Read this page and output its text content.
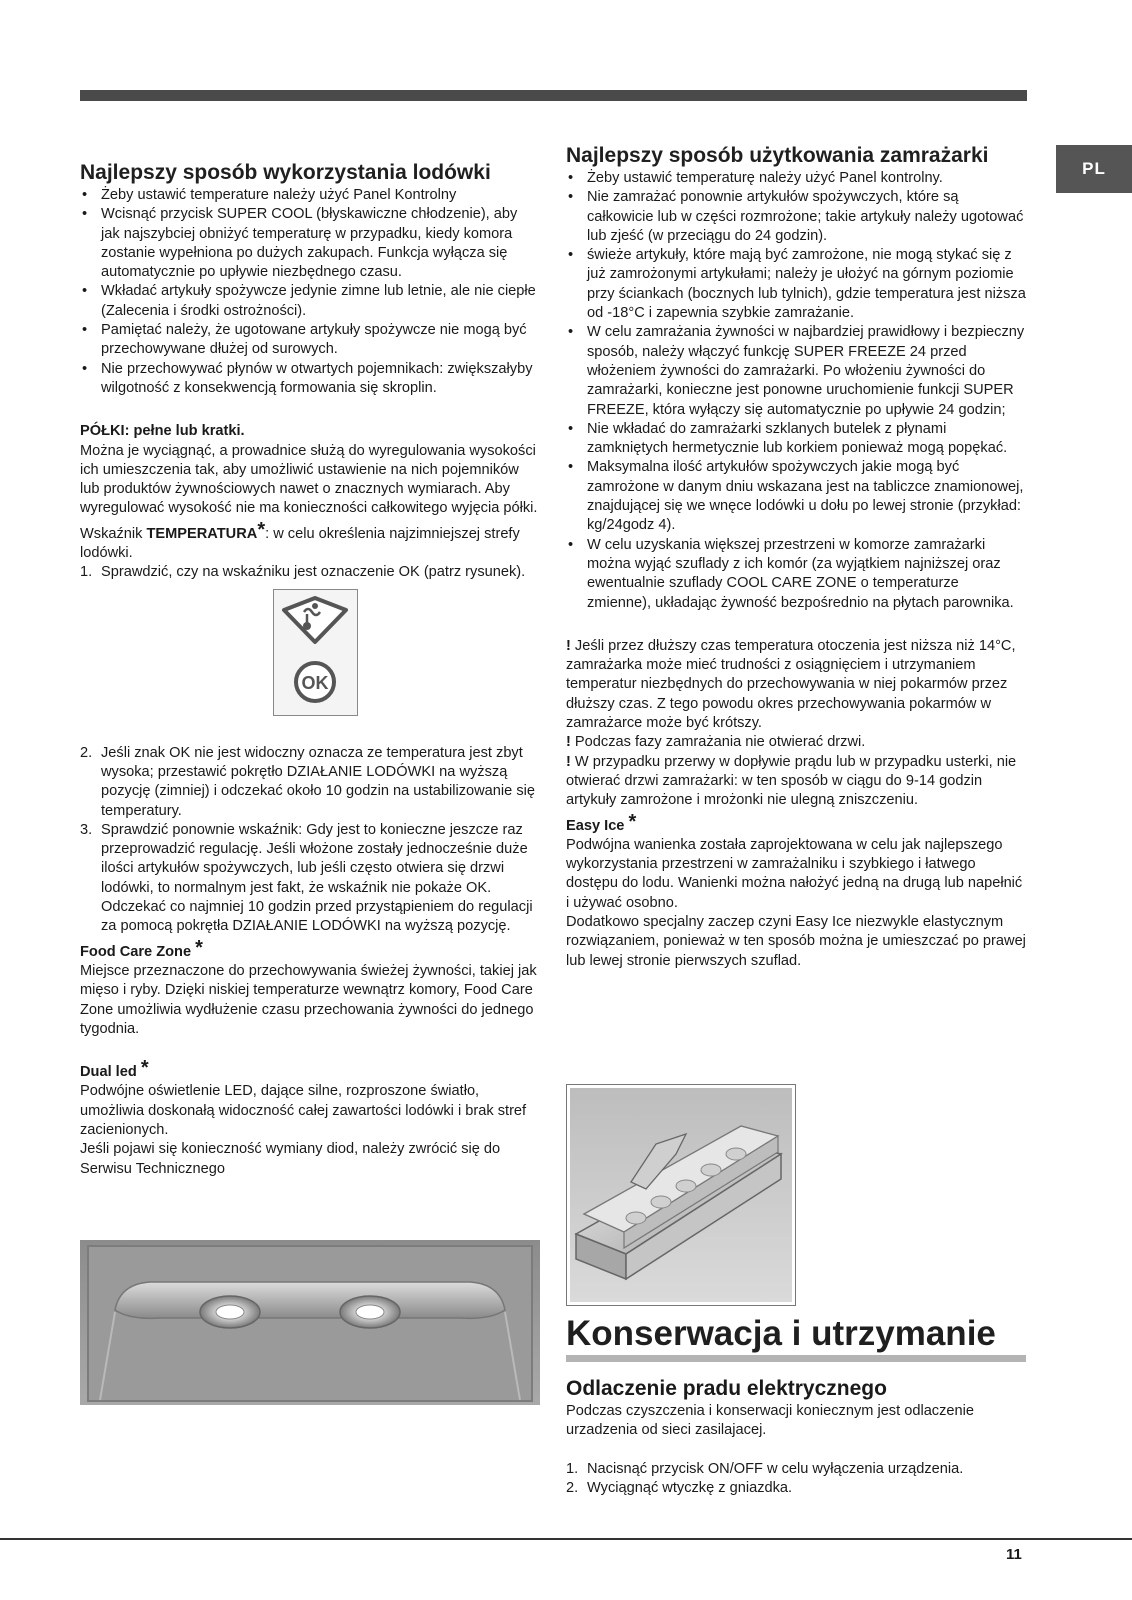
PL
Najlepszy sposób wykorzystania lodówki
• Żeby ustawić temperature należy użyć Panel Kontrolny
• Wcisnąć przycisk SUPER COOL (błyskawiczne chłodzenie), aby jak najszybciej obniżyć temperaturę w przypadku, kiedy komora zostanie wypełniona po dużych zakupach. Funkcja wyłącza się automatycznie po upływie niezbędnego czasu.
• Wkładać artykuły spożywcze jedynie zimne lub letnie, ale nie ciepłe (Zalecenia i środki ostrożności).
• Pamiętać należy, że ugotowane artykuły spożywcze nie mogą być przechowywane dłużej od surowych.
• Nie przechowywać płynów w otwartych pojemnikach: zwiększałyby wilgotność z konsekwencją formowania się skroplin.

PÓŁKI: pełne lub kratki.

Można je wyciągnąć, a prowadnice służą do wyregulowania wysokości ich umieszczenia tak, aby umożliwić ustawienie na nich pojemników lub produktów żywnościowych nawet o znacznych wymiarach. Aby wyregulować wysokość nie ma konieczności całkowitego wyjęcia półki.

Wskaźnik TEMPERATURA*: w celu określenia najzimniejszej strefy lodówki.

1. Sprawdzić, czy na wskaźniku jest oznaczenie OK (patrz rysunek).
OK
2. Jeśli znak OK nie jest widoczny oznacza ze temperatura jest zbyt wysoka; przestawić pokrętło DZIAŁANIE LODÓWKI na wyższą pozycję (zimniej) i odczekać około 10 godzin na ustabilizowanie się temperatury.
3. Sprawdzić ponownie wskaźnik: Gdy jest to konieczne jeszcze raz przeprowadzić regulację. Jeśli włożone zostały jednocześnie duże ilości artykułów spożywczych, lub jeśli często otwiera się drzwi lodówki, to normalnym jest fakt, że wskaźnik nie pokaże OK. Odczekać co najmniej 10 godzin przed przystąpieniem do regulacji za pomocą pokrętła DZIAŁANIE LODÓWKI na wyższą pozycję.

Food Care Zone *

Miejsce przeznaczone do przechowywania świeżej żywności, takiej jak mięso i ryby. Dzięki niskiej temperaturze wewnątrz komory, Food Care Zone umożliwia wydłużenie czasu przechowania żywności do jednego tygodnia.

Dual led *

Podwójne oświetlenie LED, dające silne, rozproszone światło, umożliwia doskonałą widoczność całej zawartości lodówki i brak stref zacienionych.

Jeśli pojawi się konieczność wymiany diod, należy zwrócić się do Serwisu Technicznego

Najlepszy sposób użytkowania zamrażarki
• Żeby ustawić temperaturę należy użyć Panel kontrolny.
• Nie zamrażać ponownie artykułów spożywczych, które są całkowicie lub w części rozmrożone; takie artykuły należy ugotować lub zjeść (w przeciągu do 24 godzin).
• świeże artykuły, które mają być zamrożone, nie mogą stykać się z już zamrożonymi artykułami; należy je ułożyć na górnym poziomie przy ściankach (bocznych lub tylnich), gdzie temperatura jest niższa od -18°C i zapewnia szybkie zamrażanie.
• W celu zamrażania żywności w najbardziej prawidłowy i bezpieczny sposób, należy włączyć funkcję SUPER FREEZE 24 przed włożeniem żywności do zamrażarki. Po włożeniu żywności do zamrażarki, konieczne jest ponowne uruchomienie funkcji SUPER FREEZE, która wyłączy się automatycznie po upływie 24 godzin;
• Nie wkładać do zamrażarki szklanych butelek z płynami zamkniętych hermetycznie lub korkiem ponieważ mogą popękać.
• Maksymalna ilość artykułów spożywczych jakie mogą być zamrożone w danym dniu wskazana jest na tabliczce znamionowej, znajdującej się we wnęce lodówki u dołu po lewej stronie (przykład: kg/24godz 4).
• W celu uzyskania większej przestrzeni w komorze zamrażarki można wyjąć szuflady z ich komór (za wyjątkiem najniższej oraz ewentualnie szuflady COOL CARE ZONE o temperaturze zmienne), układając żywność bezpośrednio na płytach parownika.

! Jeśli przez dłuższy czas temperatura otoczenia jest niższa niż 14°C, zamrażarka może mieć trudności z osiągnięciem i utrzymaniem temperatur niezbędnych do przechowywania w niej pokarmów przez dłuższy czas. Z tego powodu okres przechowywania pokarmów w zamrażarce może być krótszy.

! Podczas fazy zamrażania nie otwierać drzwi.

! W przypadku przerwy w dopływie prądu lub w przypadku usterki, nie otwierać drzwi zamrażarki: w ten sposób w ciągu do 9-14 godzin artykuły zamrożone i mrożonki nie ulegną zniszczeniu.

Easy Ice *

Podwójna wanienka została zaprojektowana w celu jak najlepszego wykorzystania przestrzeni w zamrażalniku i szybkiego i łatwego dostępu do lodu. Wanienki można nałożyć jedną na drugą lub napełnić i używać osobno.

Dodatkowo specjalny zaczep czyni Easy Ice niezwykle elastycznym rozwiązaniem, ponieważ w ten sposób można je umieszczać po prawej lub lewej stronie pierwszych szuflad.

Konserwacja i utrzymanie
Odlaczenie pradu elektrycznego

Podczas czyszczenia i konserwacji koniecznym jest odlaczenie urzadzenia od sieci zasilajacej.

1. Nacisnąć przycisk ON/OFF w celu wyłączenia urządzenia.
2. Wyciągnąć wtyczkę z gniazdka.
11
